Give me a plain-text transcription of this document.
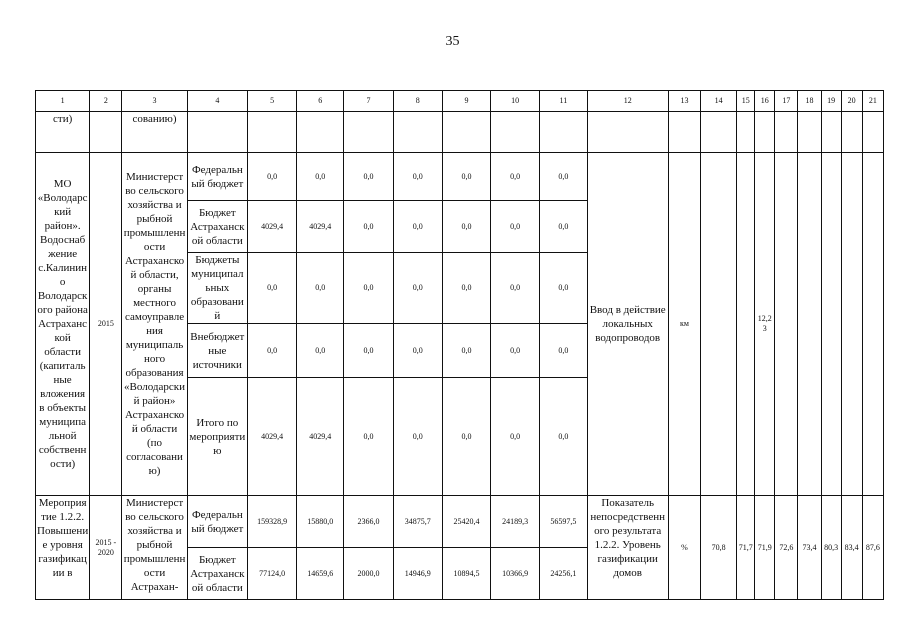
35
1	2	3	4	5	6	7	8	9	10	11	12	13	14	15	16	17	18	19	20	21
сти)		сованию)																		
МО «Володарский район». Водоснабжение с.Калинино Володарского района Астраханской области (капитальные вложения в объекты муниципальной собственности)	2015	Министерство сельского хозяйства и рыбной промышленности Астраханской области, органы местного самоуправления муниципального образования «Володарский район» Астраханской области (по согласованию)	Федеральный бюджет	0,0	0,0	0,0	0,0	0,0	0,0	0,0	Ввод в действие локальных водопроводов	км			12,23					
			Бюджет Астраханской области	4029,4	4029,4	0,0	0,0	0,0	0,0	0,0										
			Бюджеты муниципальных образований	0,0	0,0	0,0	0,0	0,0	0,0	0,0										
			Внебюджетные источники	0,0	0,0	0,0	0,0	0,0	0,0	0,0										
			Итого по мероприятию	4029,4	4029,4	0,0	0,0	0,0	0,0	0,0										
Мероприятие 1.2.2. Повышение уровня газификации в	2015 - 2020	Министерство сельского хозяйства и рыбной промышленности Астрахан-	Федеральный бюджет	159328,9	15880,0	2366,0	34875,7	25420,4	24189,3	56597,5	Показатель непосредственного результата 1.2.2. Уровень газификации домов	%	70,8	71,7	71,9	72,6	73,4	80,3	83,4	87,6
			Бюджет Астраханской области	77124,0	14659,6	2000,0	14946,9	10894,5	10366,9	24256,1										
